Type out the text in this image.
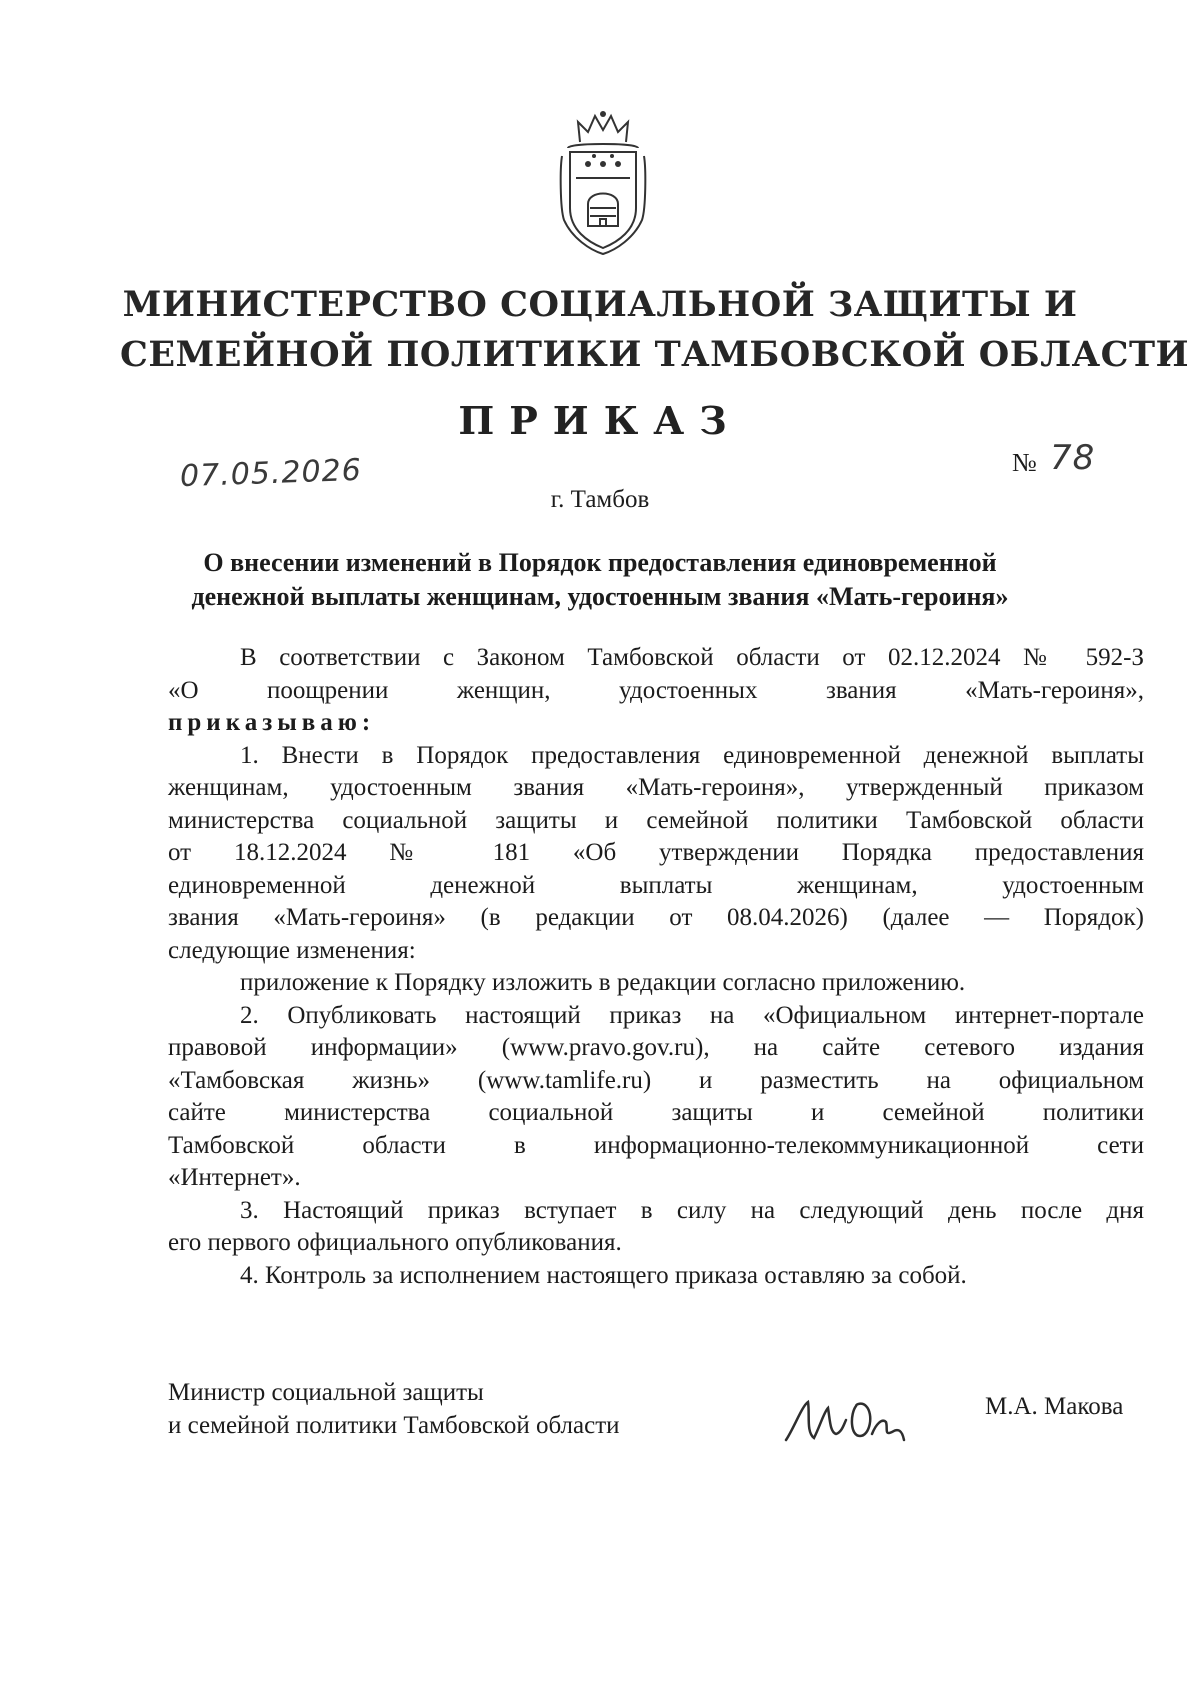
МИНИСТЕРСТВО СОЦИАЛЬНОЙ ЗАЩИТЫ И
СЕМЕЙНОЙ ПОЛИТИКИ ТАМБОВСКОЙ ОБЛАСТИ
ПРИКАЗ
07.05.2026	№ 78
г. Тамбов
О внесении изменений в Порядок предоставления единовременной
денежной выплаты женщинам, удостоенным звания «Мать-героиня»
В соответствии с Законом Тамбовской области от 02.12.2024 № 592-З
«О поощрении женщин, удостоенных звания «Мать-героиня»,
приказываю:
1. Внести в Порядок предоставления единовременной денежной выплаты
женщинам, удостоенным звания «Мать-героиня», утвержденный приказом
министерства социальной защиты и семейной политики Тамбовской области
от 18.12.2024 № 181 «Об утверждении Порядка предоставления
единовременной денежной выплаты женщинам, удостоенным
звания «Мать-героиня» (в редакции от 08.04.2026) (далее — Порядок)
следующие изменения:
приложение к Порядку изложить в редакции согласно приложению.
2. Опубликовать настоящий приказ на «Официальном интернет-портале
правовой информации» (www.pravo.gov.ru), на сайте сетевого издания
«Тамбовская жизнь» (www.tamlife.ru) и разместить на официальном
сайте министерства социальной защиты и семейной политики
Тамбовской области в информационно-телекоммуникационной сети
«Интернет».
3. Настоящий приказ вступает в силу на следующий день после дня
его первого официального опубликования.
4. Контроль за исполнением настоящего приказа оставляю за собой.
Министр социальной защиты
и семейной политики Тамбовской области
М.А. Макова
